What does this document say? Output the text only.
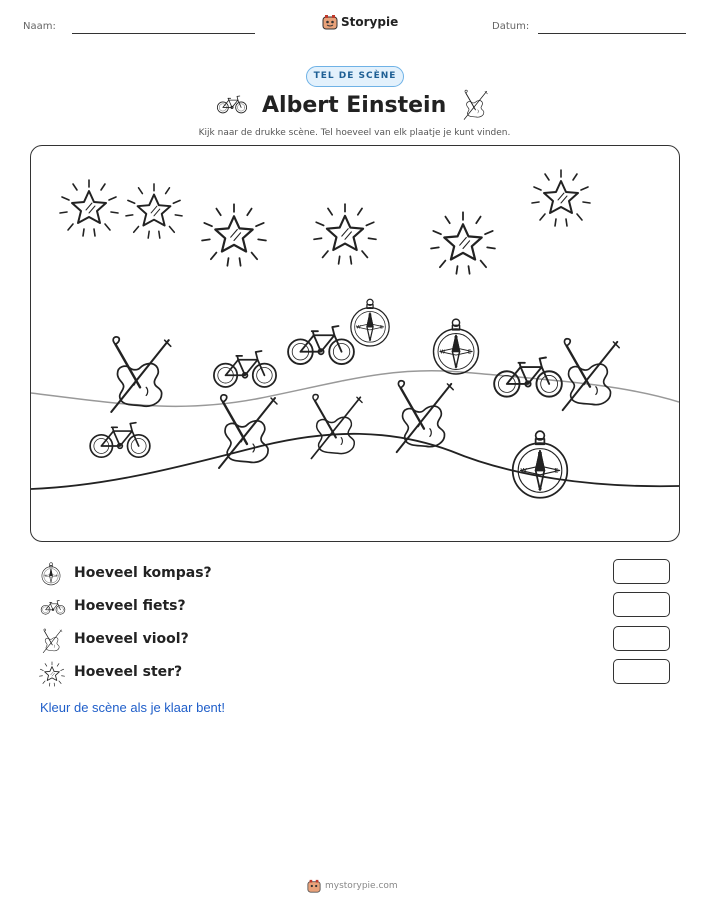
Naam:	Storypie	Datum:
TEL DE SCÈNE
Albert Einstein
Kijk naar de drukke scène. Tel hoeveel van elk plaatje je kunt vinden.
Hoeveel kompas?
Hoeveel fiets?
Hoeveel viool?
Hoeveel ster?
Kleur de scène als je klaar bent!
mystorypie.com
